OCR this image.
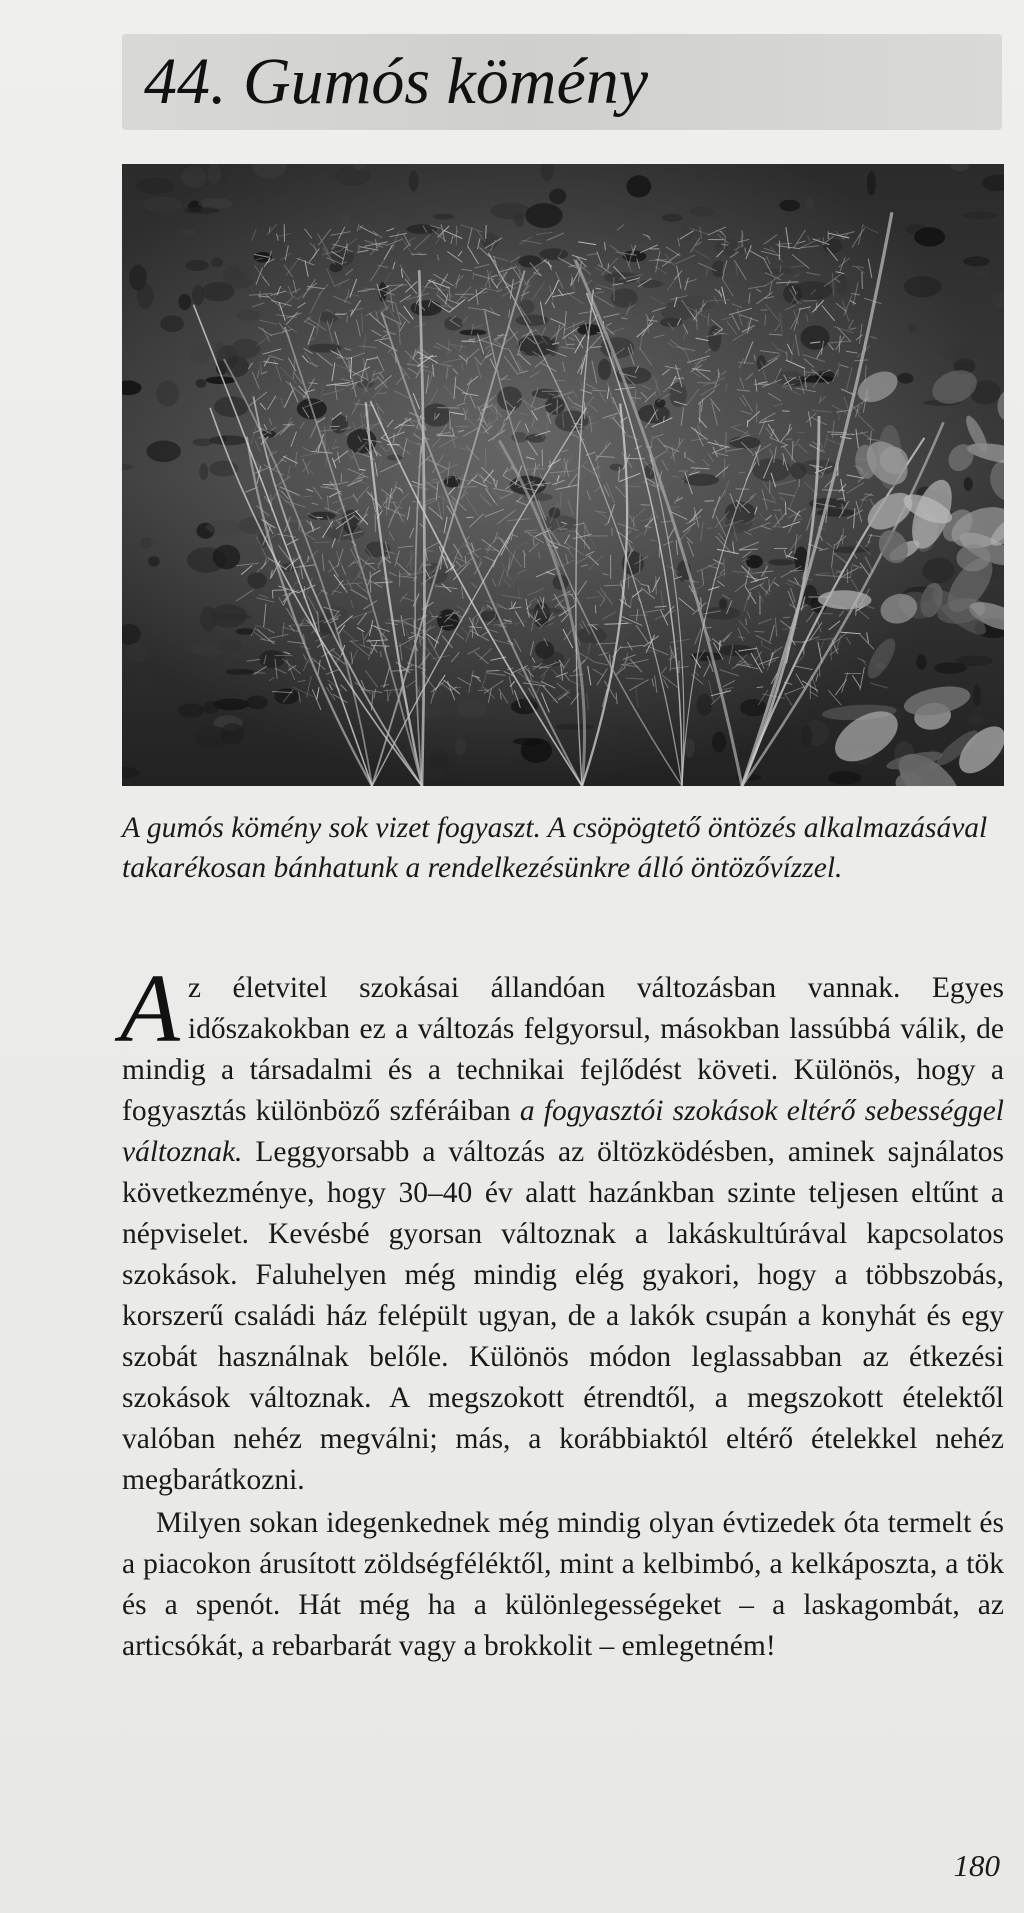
44. Gumós kömény

A gumós kömény sok vizet fogyaszt. A csöpögtető öntözés alkalmazásával takarékosan bánhatunk a rendelkezésünkre álló öntözővízzel.

Az életvitel szokásai állandóan változásban vannak. Egyes időszakokban ez a változás felgyorsul, másokban lassúbbá válik, de mindig a társadalmi és a technikai fejlődést követi. Különös, hogy a fogyasztás különböző szféráiban a fogyasztói szokások eltérő sebességgel változnak. Leggyorsabb a változás az öltözködésben, aminek sajnálatos következménye, hogy 30–40 év alatt hazánkban szinte teljesen eltűnt a népviselet. Kevésbé gyorsan változnak a lakáskultúrával kapcsolatos szokások. Faluhelyen még mindig elég gyakori, hogy a többszobás, korszerű családi ház felépült ugyan, de a lakók csupán a konyhát és egy szobát használnak belőle. Különös módon leglassabban az étkezési szokások változnak. A megszokott étrendtől, a megszokott ételektől valóban nehéz megválni; más, a korábbiaktól eltérő ételekkel nehéz megbarátkozni.

Milyen sokan idegenkednek még mindig olyan évtizedek óta termelt és a piacokon árusított zöldségféléktől, mint a kelbimbó, a kelkáposzta, a tök és a spenót. Hát még ha a különlegességeket – a laskagombát, az articsókát, a rebarbarát vagy a brokkolit – emlegetném!

180
